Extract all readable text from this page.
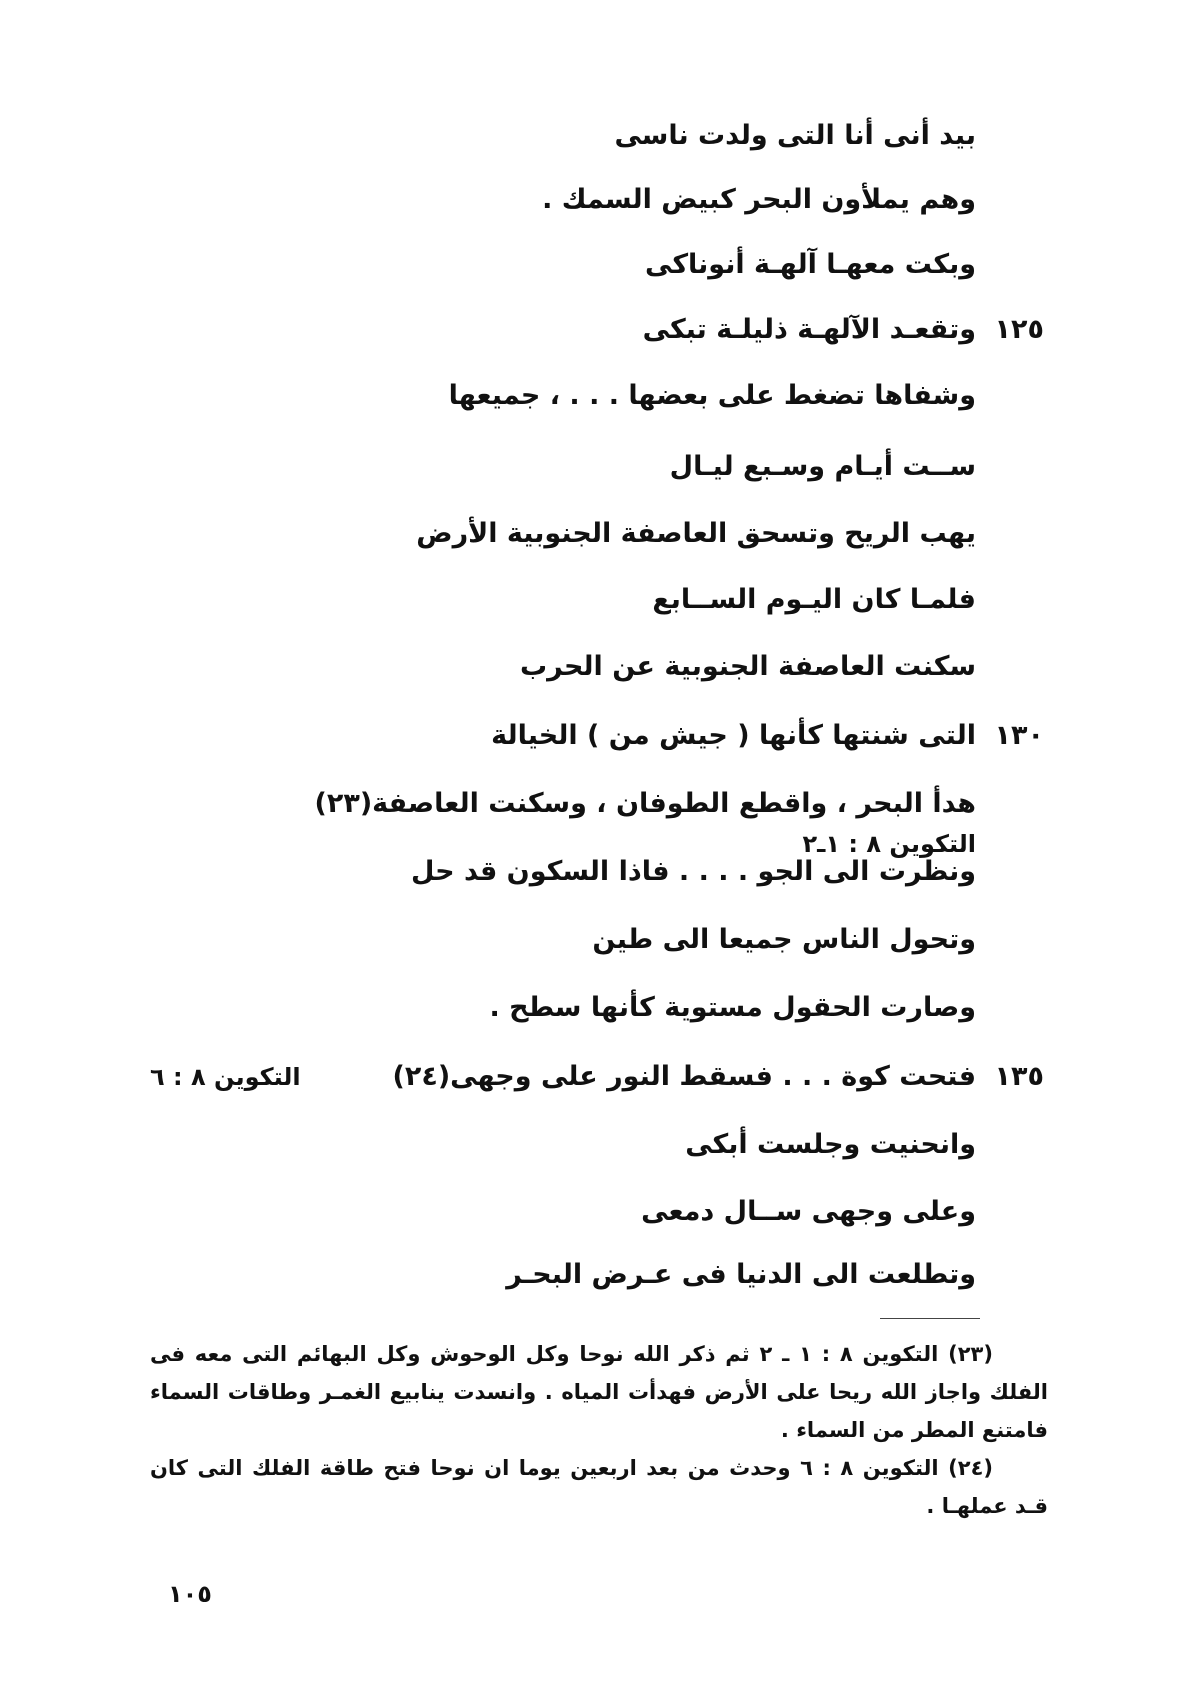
بيد أنى أنا التى ولدت ناسى
وهم يملأون البحر كبيض السمك .
وبكت معهـا آلهـة أنوناكى
وتقعـد الآلهـة ذليلـة تبكى ١٢٥
وشفاها تضغط على بعضها . . . ، جميعها
ســت أيـام وسـبع ليـال
يهب الريح وتسحق العاصفة الجنوبية الأرض
فلمـا كان اليـوم الســابع
سكنت العاصفة الجنوبية عن الحرب
التى شنتها كأنها ( جيش من ) الخيالة ١٣٠
هدأ البحر ، واقطع الطوفان ، وسكنت العاصفة(٢٣)
التكوين ٨ : ١ـ٢
ونظرت الى الجو . . . . فاذا السكون قد حل
وتحول الناس جميعا الى طين
وصارت الحقول مستوية كأنها سطح .
فتحت كوة . . . فسقط النور على وجهى(٢٤)
التكوين ٨ : ٦	١٣٥
وانحنيت وجلست أبكى
وعلى وجهى ســال دمعى
وتطلعت الى الدنيا فى عـرض البحـر
(٢٣) التكوين ٨ : ١ ـ ٢ ثم ذكر الله نوحا وكل الوحوش وكل البهائم التى معه فى الفلك واجاز الله ريحا على الأرض فهدأت المياه . وانسدت ينابيع الغمـر وطاقات السماء فامتنع المطر من السماء .
(٢٤) التكوين ٨ : ٦ وحدث من بعد اربعين يوما ان نوحا فتح طاقة الفلك التى كان قـد عملهـا .
١٠٥
